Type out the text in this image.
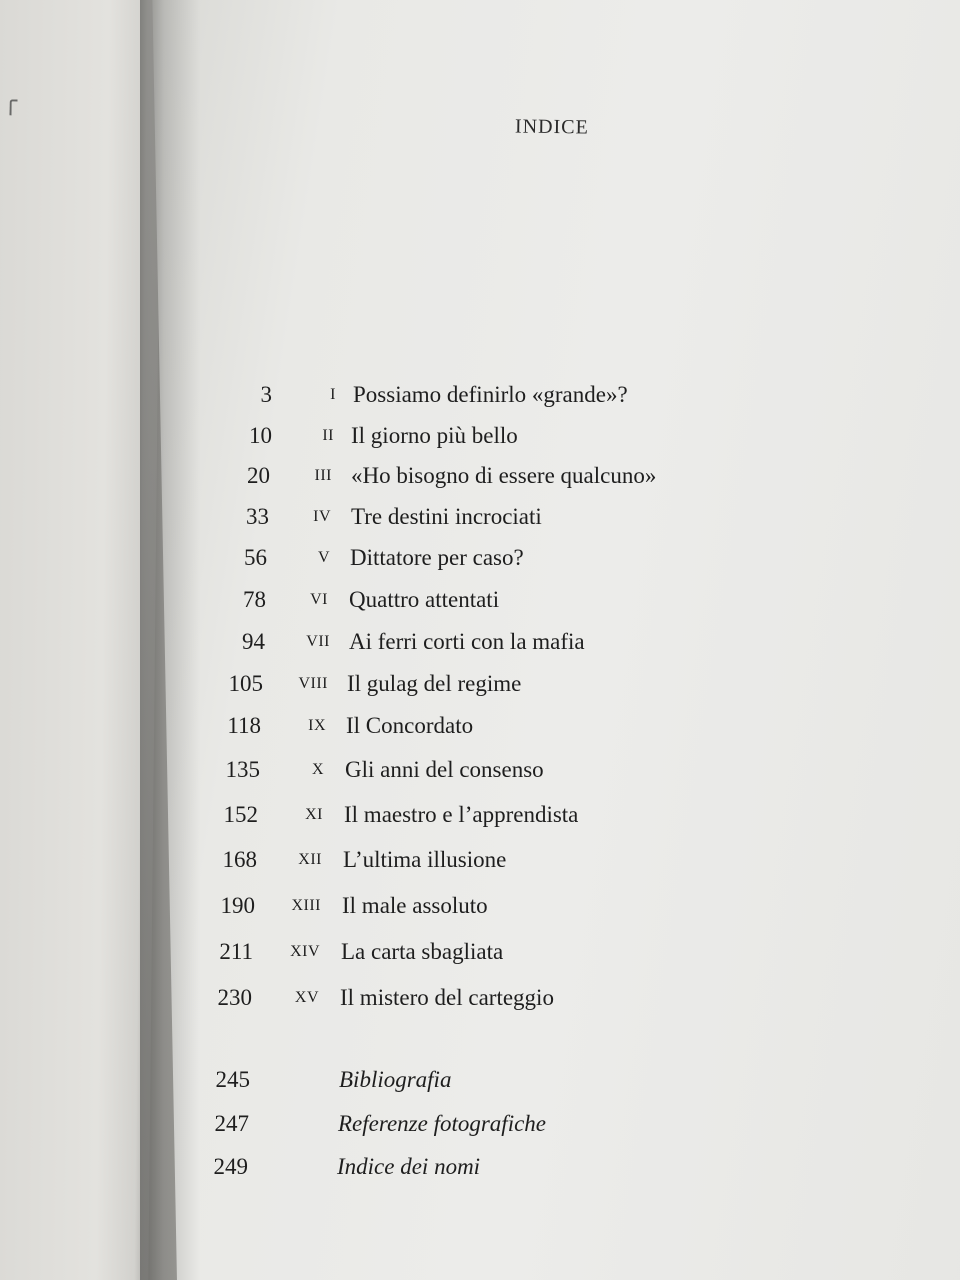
INDICE
3	I Possiamo definirlo «grande»?
10	II Il giorno più bello
20	III «Ho bisogno di essere qualcuno»
33	IV Tre destini incrociati
56	V Dittatore per caso?
78	VI Quattro attentati
94	VII Ai ferri corti con la mafia
105	VIII Il gulag del regime
118	IX Il Concordato
135	X Gli anni del consenso
152	XI Il maestro e l’apprendista
168	XII L’ultima illusione
190	XIII Il male assoluto
211	XIV La carta sbagliata
230	XV Il mistero del carteggio
245	Bibliografia
247	Referenze fotografiche
249	Indice dei nomi
